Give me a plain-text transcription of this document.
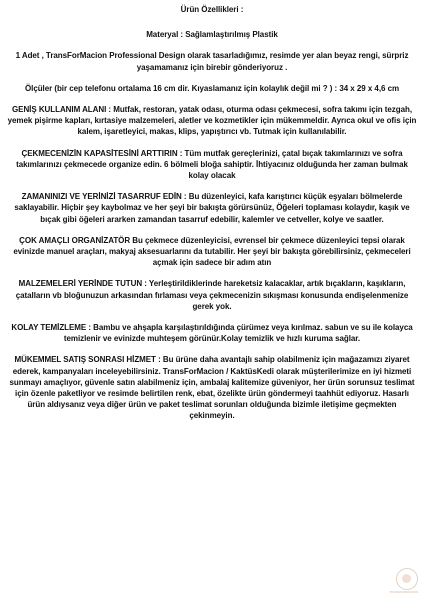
Ürün Özellikleri :

Materyal : Sağlamlaştırılmış Plastik

1 Adet , TransForMacion Professional Design olarak tasarladığımız, resimde yer alan beyaz rengi, sürpriz yaşamamanız için birebir gönderiyoruz .

Ölçüler (bir cep telefonu ortalama 16 cm dir. Kıyaslamanız için kolaylık değil mi ? ) : 34 x 29 x 4,6 cm

GENİŞ KULLANIM ALANI : Mutfak, restoran, yatak odası, oturma odası çekmecesi, sofra takımı için tezgah, yemek pişirme kapları, kırtasiye malzemeleri, aletler ve kozmetikler için mükemmeldir. Ayrıca okul ve ofis için kalem, işaretleyici, makas, klips, yapıştırıcı vb. Tutmak için kullanılabilir.

ÇEKMECENİZİN KAPASİTESİNİ ARTTIRIN : Tüm mutfak gereçlerinizi, çatal bıçak takımlarınızı ve sofra takımlarınızı çekmecede organize edin. 6 bölmeli bloğa sahiptir. İhtiyacınız olduğunda her zaman bulmak kolay olacak

ZAMANINIZI VE YERİNİZİ TASARRUF EDİN : Bu düzenleyici, kafa karıştırıcı küçük eşyaları bölmelerde saklayabilir. Hiçbir şey kaybolmaz ve her şeyi bir bakışta görürsünüz, Öğeleri toplaması kolaydır, kaşık ve bıçak gibi öğeleri ararken zamandan tasarruf edebilir, kalemler ve cetveller, kolye ve saatler.

ÇOK AMAÇLI ORGANİZATÖR Bu çekmece düzenleyicisi, evrensel bir çekmece düzenleyici tepsi olarak evinizde manuel araçları, makyaj aksesuarlarını da tutabilir. Her şeyi bir bakışta görebilirsiniz, çekmeceleri açmak için sadece bir adım atın

MALZEMELERİ YERİNDE TUTUN : Yerleştirildiklerinde hareketsiz kalacaklar, artık bıçakların, kaşıkların, çatalların vb bloğunuzun arkasından fırlaması veya çekmecenizin sıkışması konusunda endişelenmenize gerek yok.

KOLAY TEMİZLEME : Bambu ve ahşapla karşılaştırıldığında çürümez veya kırılmaz. sabun ve su ile kolayca temizlenir ve evinizde muhteşem görünür.Kolay temizlik ve hızlı kuruma sağlar.

MÜKEMMEL SATIŞ SONRASI HİZMET : Bu ürüne daha avantajlı sahip olabilmeniz için mağazamızı ziyaret ederek, kampanyaları inceleyebilirsiniz. TransForMacion / KaktüsKedi olarak müşterilerimize en iyi hizmeti sunmayı amaçlıyor, güvenle satın alabilmeniz için, ambalaj kalitemize güveniyor, her ürün sorunsuz teslimat için özenle paketliyor ve resimde belirtilen renk, ebat, özelikte ürün göndermeyi taahhüt ediyoruz. Hasarlı ürün aldıysanız veya diğer ürün ve paket teslimat sorunları olduğunda bizimle iletişime geçmekten çekinmeyin.

TRANSFORMACION
